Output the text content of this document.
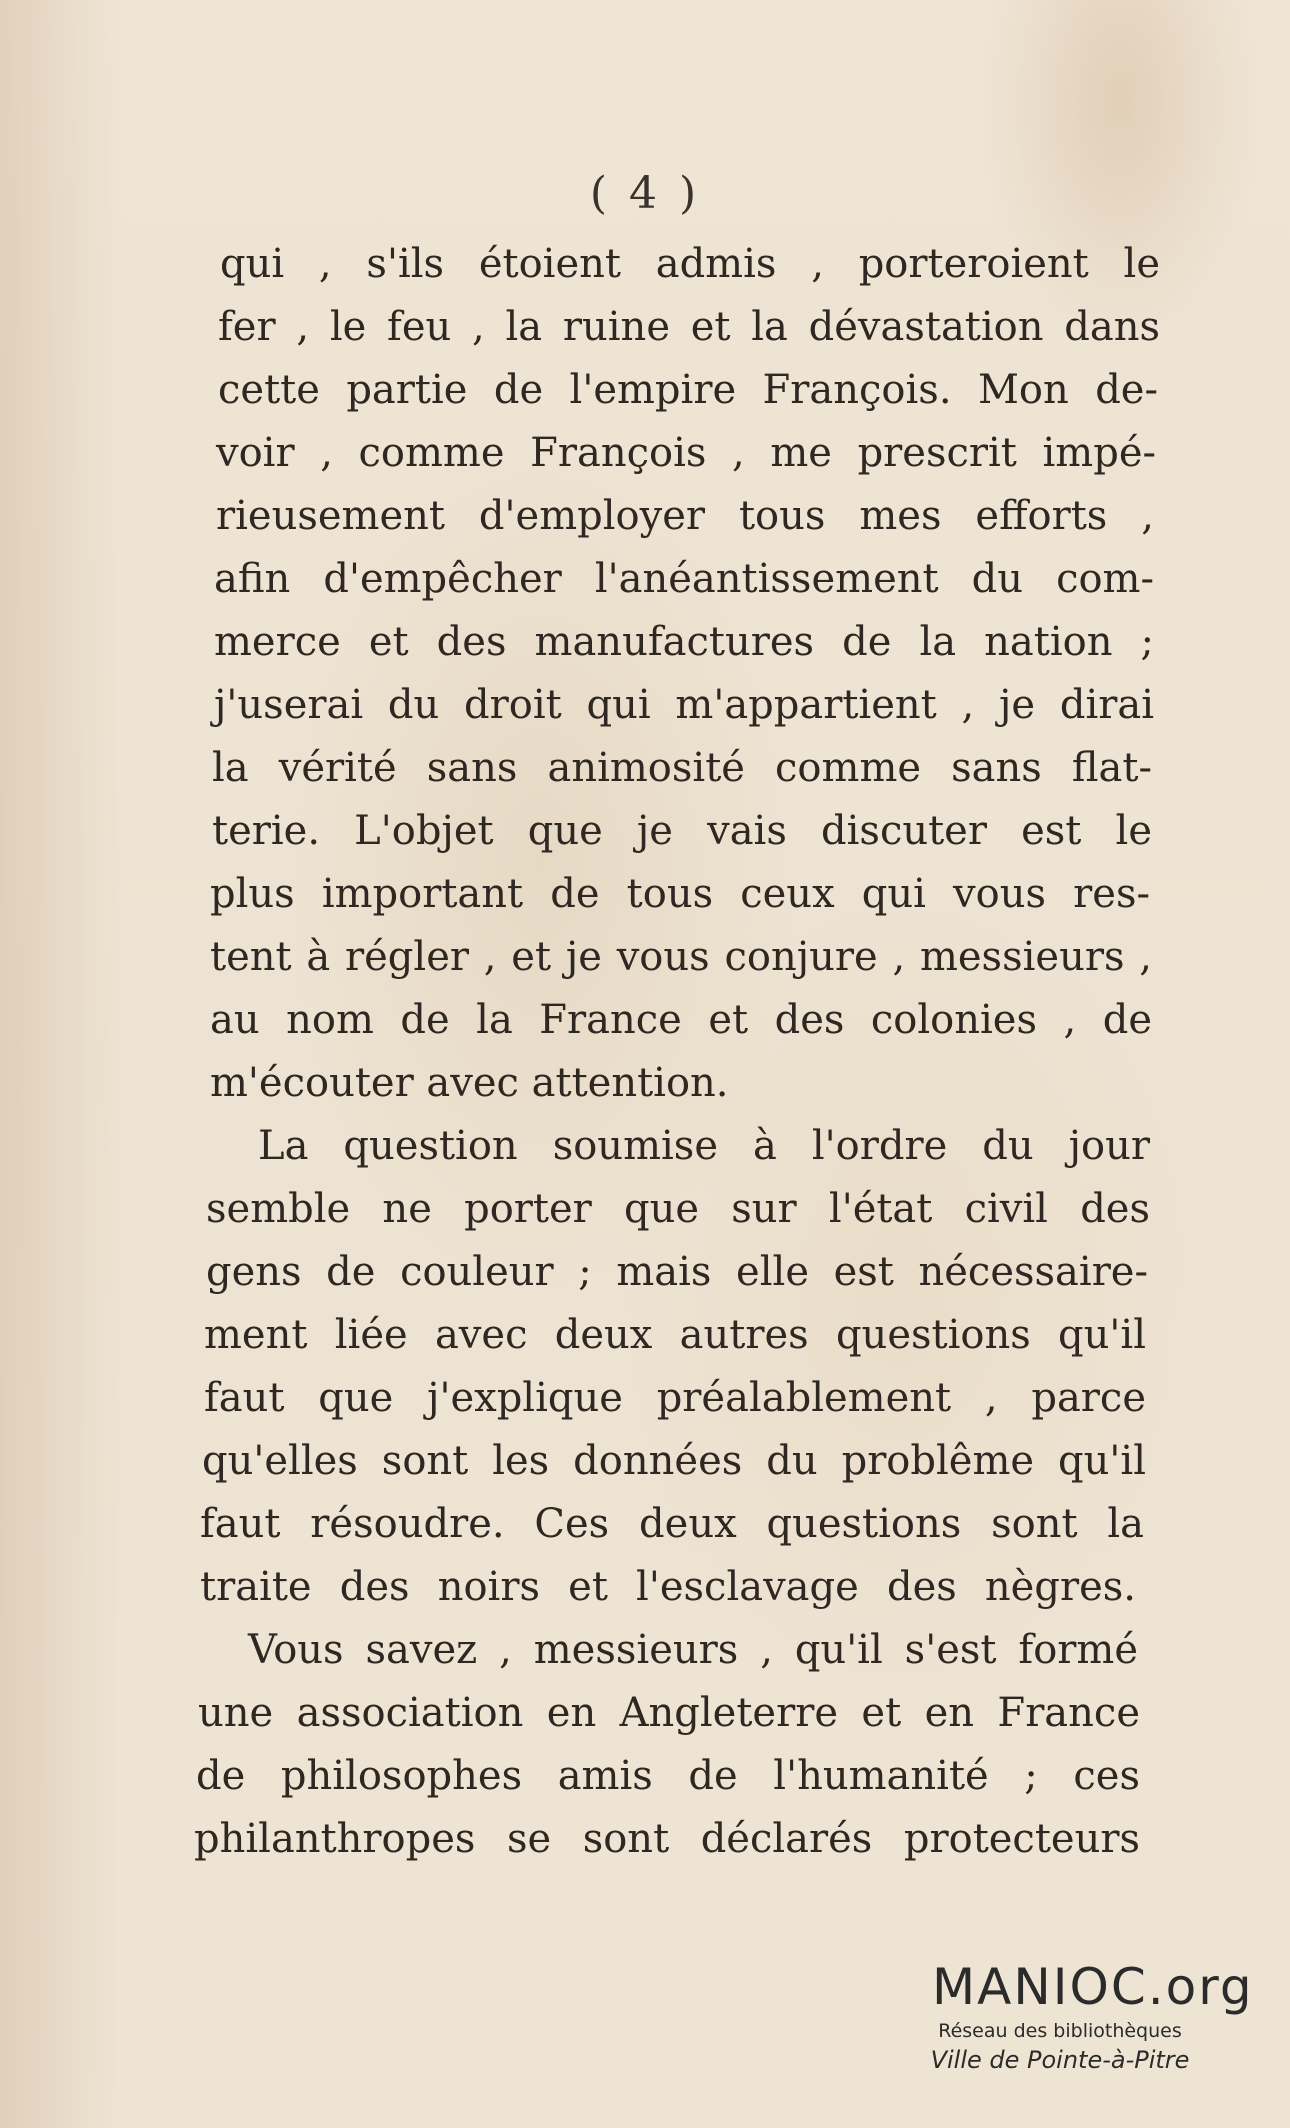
( 4 )
qui , s'ils étoient admis , porteroient le
fer , le feu , la ruine et la dévastation dans
cette partie de l'empire François. Mon de-
voir , comme François , me prescrit impé-
rieusement d'employer tous mes efforts ,
afin d'empêcher l'anéantissement du com-
merce et des manufactures de la nation ;
j'userai du droit qui m'appartient , je dirai
la vérité sans animosité comme sans flat-
terie. L'objet que je vais discuter est le
plus important de tous ceux qui vous res-
tent à régler , et je vous conjure , messieurs ,
au nom de la France et des colonies , de
m'écouter avec attention.
La question soumise à l'ordre du jour
semble ne porter que sur l'état civil des
gens de couleur ; mais elle est nécessaire-
ment liée avec deux autres questions qu'il
faut que j'explique préalablement , parce
qu'elles sont les données du problême qu'il
faut résoudre. Ces deux questions sont la
traite des noirs et l'esclavage des nègres.
Vous savez , messieurs , qu'il s'est formé
une association en Angleterre et en France
de philosophes amis de l'humanité ; ces
philanthropes se sont déclarés protecteurs
MANIOC.org
Réseau des bibliothèques
Ville de Pointe-à-Pitre
